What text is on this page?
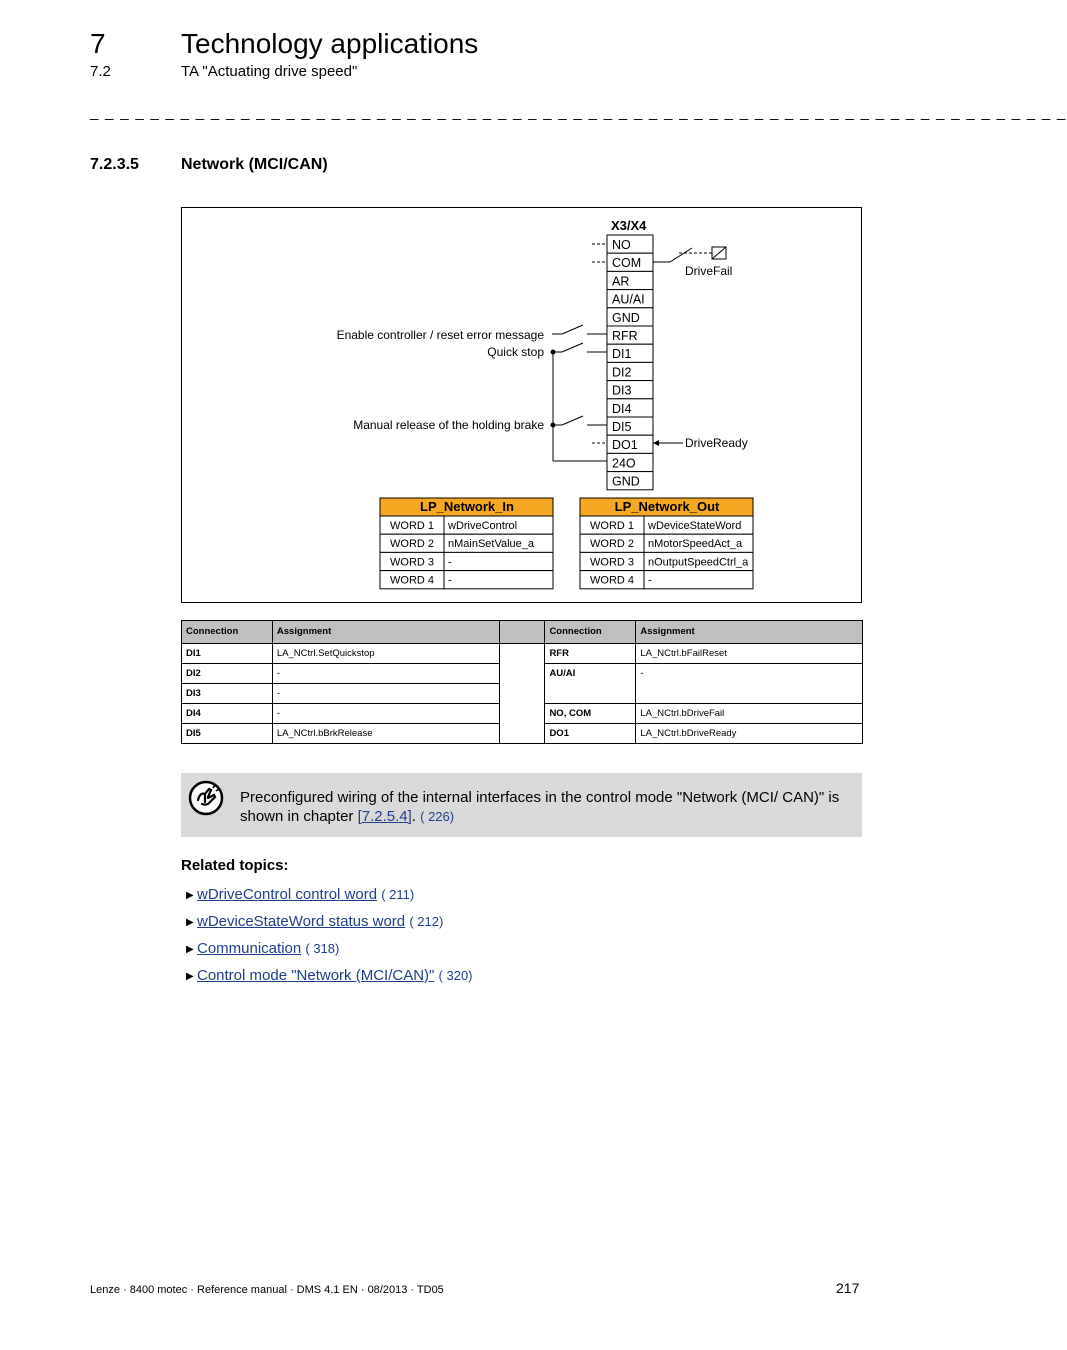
7	Technology applications
7.2	TA "Actuating drive speed"
_ _ _ _ _ _ _ _ _ _ _ _ _ _ _ _ _ _ _ _ _ _ _ _ _ _ _ _ _ _ _ _ _ _ _ _ _ _ _ _ _ _ _ _ _ _ _ _ _ _ _ _ _ _ _ _ _ _ _ _ _ _ _ _ _
7.2.3.5	Network (MCI/CAN)
X3/X4
NO
COM
AR
AU/AI
GND
RFR
DI1
DI2
DI3
DI4
DI5
DO1
24O
GND
DriveFail
DriveReady
Enable controller / reset error message
Quick stop
Manual release of the holding brake
LP_Network_In
WORD 1 wDriveControl
WORD 2 nMainSetValue_a
WORD 3 -
WORD 4 -
LP_Network_Out
WORD 1 wDeviceStateWord
WORD 2 nMotorSpeedAct_a
WORD 3 nOutputSpeedCtrl_a
WORD 4 -
Connection	Assignment		Connection	Assignment
DI1	LA_NCtrl.SetQuickstop		RFR	LA_NCtrl.bFailReset
DI2	-		AU/AI	-
DI3	-			
DI4	-		NO, COM	LA_NCtrl.bDriveFail
DI5	LA_NCtrl.bBrkRelease		DO1	LA_NCtrl.bDriveReady
Preconfigured wiring of the internal interfaces in the control mode "Network (MCI/ CAN)" is shown in chapter [7.2.5.4]. ( 226)
Related topics:
▶ wDriveControl control word ( 211)
▶ wDeviceStateWord status word ( 212)
▶ Communication ( 318)
▶ Control mode "Network (MCI/CAN)" ( 320)
Lenze · 8400 motec · Reference manual · DMS 4.1 EN · 08/2013 · TD05	217
